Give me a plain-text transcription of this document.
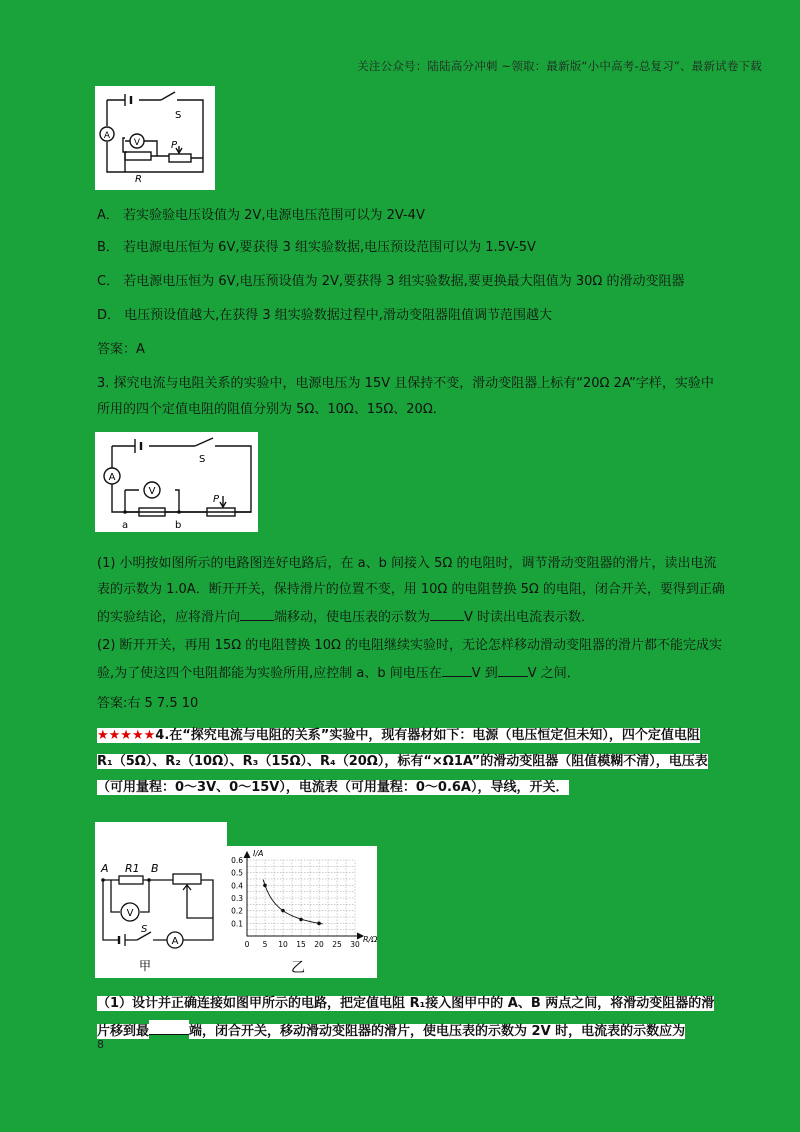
关注公众号：陆陆高分冲刺 ~领取：最新版“小中高考-总复习”、最新试卷下载
A
V
S
P
R
A． 若实验验电压设值为 2V,电源电压范围可以为 2V-4V
B． 若电源电压恒为 6V,要获得 3 组实验数据,电压预设范围可以为 1.5V-5V
C． 若电源电压恒为 6V,电压预设值为 2V,要获得 3 组实验数据,要更换最大阻值为 30Ω 的滑动变阻器
D． 电压预设值越大,在获得 3 组实验数据过程中,滑动变阻器阻值调节范围越大
答案：A
3. 探究电流与电阻关系的实验中，电源电压为 15V 且保持不变，滑动变阻器上标有“20Ω 2A”字样，实验中
所用的四个定值电阻的阻值分别为 5Ω、10Ω、15Ω、20Ω．
A
V
S
P
a	b
(1) 小明按如图所示的电路图连好电路后，在 a、b 间接入 5Ω 的电阻时，调节滑动变阻器的滑片，读出电流
表的示数为 1.0A．断开开关，保持滑片的位置不变，用 10Ω 的电阻替换 5Ω 的电阻，闭合开关，要得到正确
的实验结论，应将滑片向	端移动，使电压表的示数为	V 时读出电流表示数．
(2) 断开开关，再用 15Ω 的电阻替换 10Ω 的电阻继续实验时，无论怎样移动滑动变阻器的滑片都不能完成实
验,为了使这四个电阻都能为实验所用,应控制 a、b 间电压在 V 到 V 之间．
答案:右 5 7.5 10
★★★★★4.在“探究电流与电阻的关系”实验中，现有器材如下：电源（电压恒定但未知），四个定值电阻
R₁（5Ω）、R₂（10Ω）、R₃（15Ω）、R₄（20Ω），标有“×Ω1A”的滑动变阻器（阻值模糊不清），电压表
（可用量程：0～3V、0～15V），电流表（可用量程：0～0.6A），导线，开关．
A R1 B
V
S
A
甲
0.6
0.5
0.4
0.3
0.2
0.1
0 5 10 15 20 25 30
I/A
R/Ω
乙
（1）设计并正确连接如图甲所示的电路，把定值电阻 R₁接入图甲中的 A、B 两点之间，将滑动变阻器的滑
片移到最	端，闭合开关，移动滑动变阻器的滑片，使电压表的示数为 2V 时，电流表的示数应为
8
